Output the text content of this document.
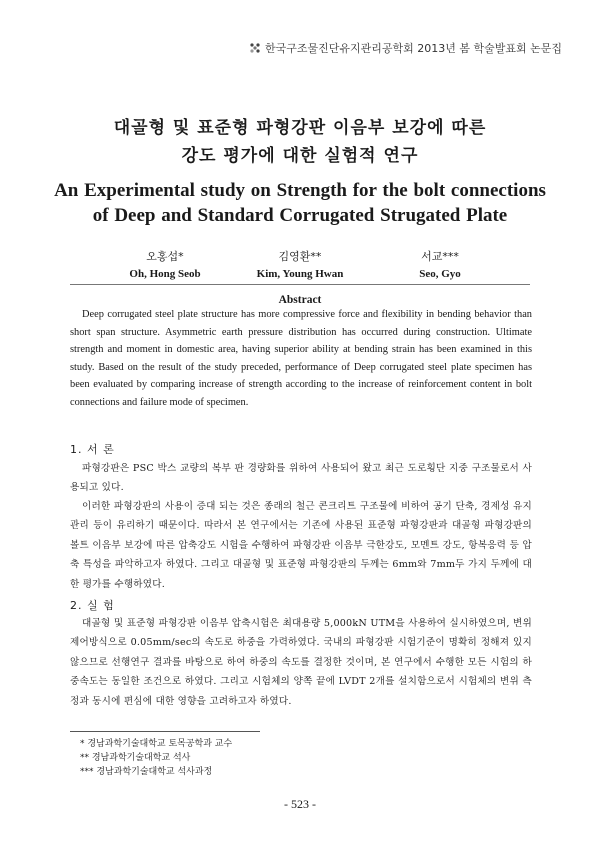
한국구조물진단유지관리공학회 2013년 봄 학술발표회 논문집
대골형 및 표준형 파형강판 이음부 보강에 따른
강도 평가에 대한 실험적 연구
An Experimental study on Strength for the bolt connections
of Deep and Standard Corrugated Strugated Plate
오홍섭*
Oh, Hong Seob
김영환**
Kim, Young Hwan
서교***
Seo, Gyo
Abstract
Deep corrugated steel plate structure has more compressive force and flexibility in bending behavior than short span structure. Asymmetric earth pressure distribution has occurred during construction. Ultimate strength and moment in domestic area, having superior ability at bending strain has been examined in this study. Based on the result of the study preceded, performance of Deep corrugated steel plate specimen has been evaluated by comparing increase of strength according to the increase of reinforcement content in bolt connections and failure mode of specimen.
1. 서 론
파형강판은 PSC 박스 교량의 복부 판 경량화를 위하여 사용되어 왔고 최근 도로횡단 지중 구조물로서 사용되고 있다.
이러한 파형강판의 사용이 증대 되는 것은 종래의 철근 콘크리트 구조물에 비하여 공기 단축, 경제성 유지관리 등이 유리하기 때문이다. 따라서 본 연구에서는 기존에 사용된 표준형 파형강판과 대골형 파형강판의 볼트 이음부 보강에 따른 압축강도 시험을 수행하여 파형강판 이음부 극한강도, 모멘트 강도, 항복응력 등 압축 특성을 파악하고자 하였다. 그리고 대골형 및 표준형 파형강판의 두께는 6mm와 7mm두 가지 두께에 대한 평가를 수행하였다.
2. 실 험
대골형 및 표준형 파형강판 이음부 압축시험은 최대용량 5,000kN UTM을 사용하여 실시하였으며, 변위제어방식으로 0.05mm/sec의 속도로 하중을 가력하였다. 국내의 파형강판 시험기준이 명확히 정해져 있지 않으므로 선행연구 결과를 바탕으로 하여 하중의 속도를 결정한 것이며, 본 연구에서 수행한 모든 시험의 하중속도는 동일한 조건으로 하였다. 그리고 시험체의 양쪽 끝에 LVDT 2개를 설치함으로서 시험체의 변위 측정과 동시에 편심에 대한 영향을 고려하고자 하였다.
* 경남과학기술대학교 토목공학과 교수
** 경남과학기술대학교 석사
*** 경남과학기술대학교 석사과정
- 523 -
